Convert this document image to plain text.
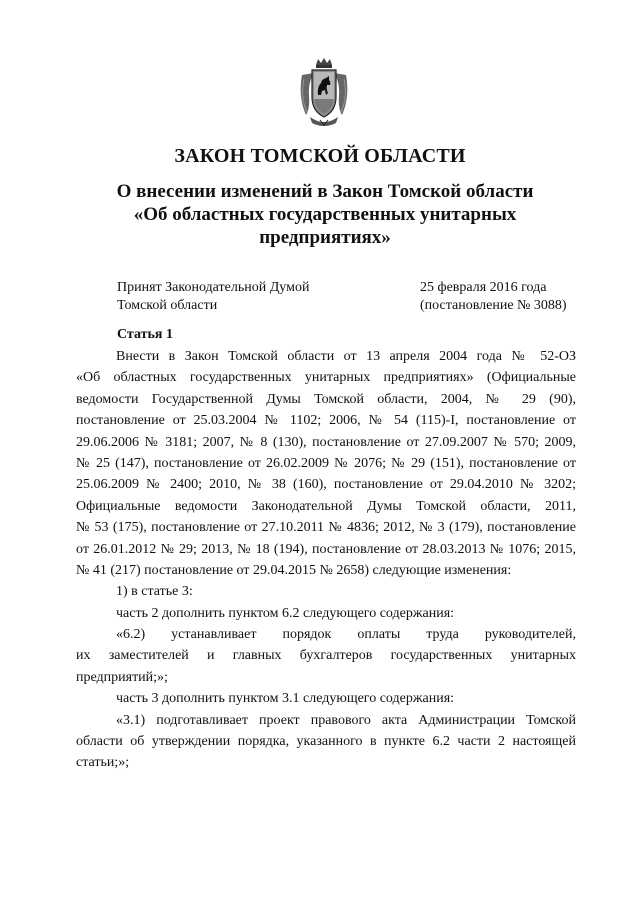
ЗАКОН ТОМСКОЙ ОБЛАСТИ
О внесении изменений в Закон Томской области
«Об областных государственных унитарных
предприятиях»
Принят Законодательной Думой
Томской области
25 февраля 2016 года
(постановление № 3088)
Статья 1
Внести в Закон Томской области от 13 апреля 2004 года № 52-ОЗ
«Об областных государственных унитарных предприятиях» (Официальные
ведомости Государственной Думы Томской области, 2004, № 29 (90),
постановление от 25.03.2004 № 1102; 2006, № 54 (115)-I, постановление от
29.06.2006 № 3181; 2007, № 8 (130), постановление от 27.09.2007 № 570; 2009,
№ 25 (147), постановление от 26.02.2009 № 2076; № 29 (151), постановление от
25.06.2009 № 2400; 2010, № 38 (160), постановление от 29.04.2010 № 3202;
Официальные ведомости Законодательной Думы Томской области, 2011,
№ 53 (175), постановление от 27.10.2011 № 4836; 2012, № 3 (179), постановление
от 26.01.2012 № 29; 2013, № 18 (194), постановление от 28.03.2013 № 1076; 2015,
№ 41 (217) постановление от 29.04.2015 № 2658) следующие изменения:
1) в статье 3:
часть 2 дополнить пунктом 6.2 следующего содержания:
«6.2) устанавливает порядок оплаты труда руководителей,
их заместителей и главных бухгалтеров государственных унитарных
предприятий;»;
часть 3 дополнить пунктом 3.1 следующего содержания:
«3.1) подготавливает проект правового акта Администрации Томской
области об утверждении порядка, указанного в пункте 6.2 части 2 настоящей
статьи;»;
